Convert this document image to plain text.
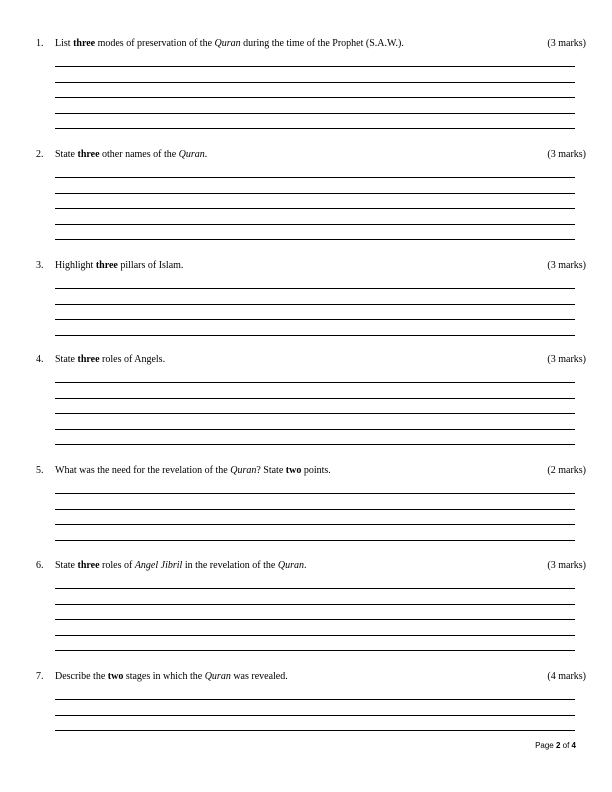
1. List three modes of preservation of the Quran during the time of the Prophet (S.A.W.).	(3 marks)
2. State three other names of the Quran.	(3 marks)
3. Highlight three pillars of Islam.	(3 marks)
4. State three roles of Angels.	(3 marks)
5. What was the need for the revelation of the Quran? State two points.	(2 marks)
6. State three roles of Angel Jibril in the revelation of the Quran.	(3 marks)
7. Describe the two stages in which the Quran was revealed.	(4 marks)
Page 2 of 4
